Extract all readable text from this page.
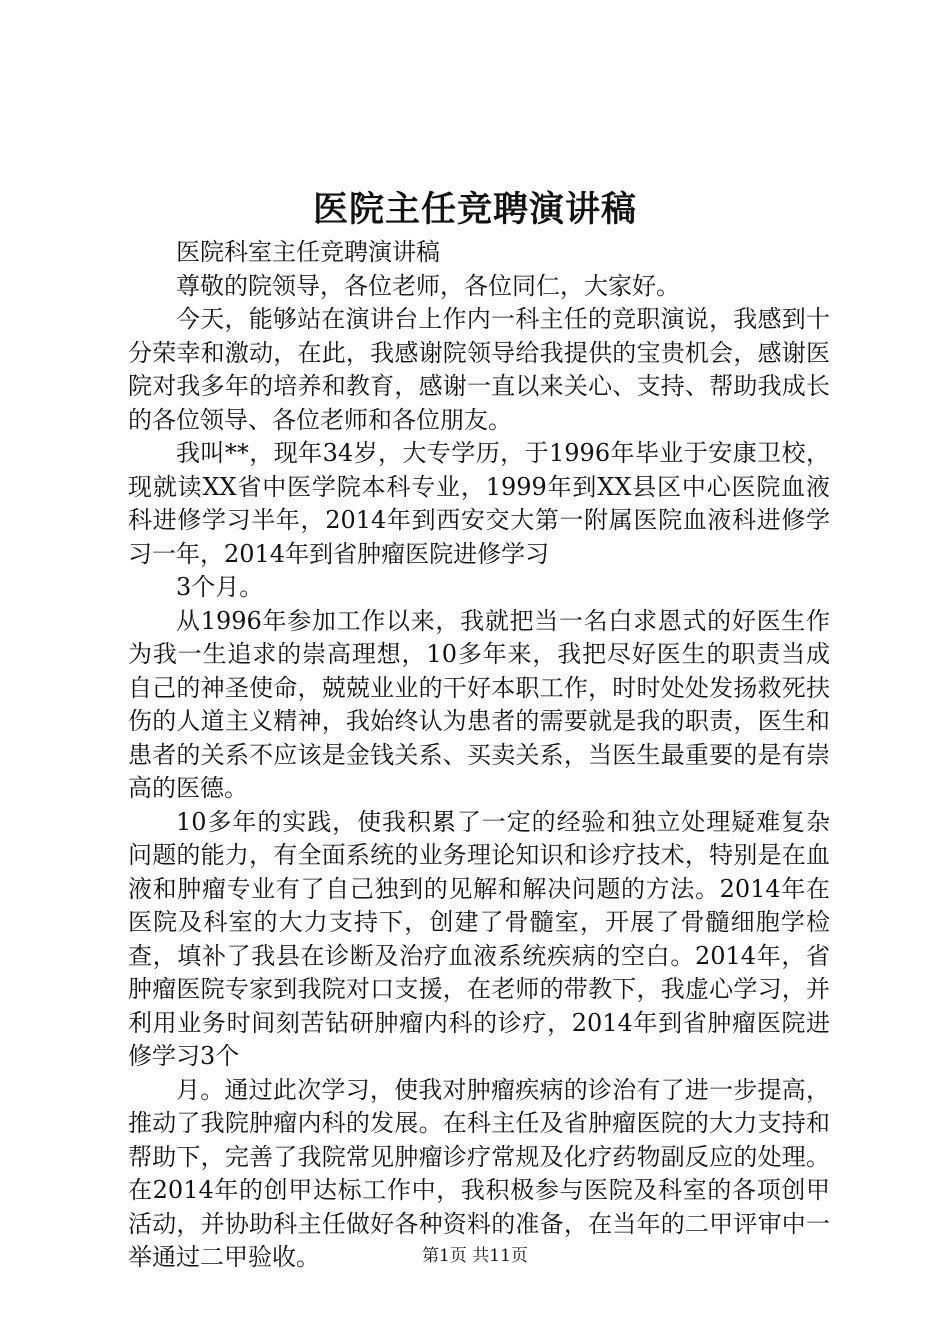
医院主任竞聘演讲稿

医院科室主任竞聘演讲稿

尊敬的院领导，各位老师，各位同仁，大家好。

今天，能够站在演讲台上作内一科主任的竞职演说，我感到十分荣幸和激动，在此，我感谢院领导给我提供的宝贵机会，感谢医院对我多年的培养和教育，感谢一直以来关心、支持、帮助我成长的各位领导、各位老师和各位朋友。

我叫**，现年34岁，大专学历，于1996年毕业于安康卫校，现就读XX省中医学院本科专业，1999年到XX县区中心医院血液科进修学习半年，2014年到西安交大第一附属医院血液科进修学习一年，2014年到省肿瘤医院进修学习

3个月。

从1996年参加工作以来，我就把当一名白求恩式的好医生作为我一生追求的崇高理想，10多年来，我把尽好医生的职责当成自己的神圣使命，兢兢业业的干好本职工作，时时处处发扬救死扶伤的人道主义精神，我始终认为患者的需要就是我的职责，医生和患者的关系不应该是金钱关系、买卖关系，当医生最重要的是有崇高的医德。

10多年的实践，使我积累了一定的经验和独立处理疑难复杂问题的能力，有全面系统的业务理论知识和诊疗技术，特别是在血液和肿瘤专业有了自己独到的见解和解决问题的方法。2014年在医院及科室的大力支持下，创建了骨髓室，开展了骨髓细胞学检查，填补了我县在诊断及治疗血液系统疾病的空白。2014年，省肿瘤医院专家到我院对口支援，在老师的带教下，我虚心学习，并利用业务时间刻苦钻研肿瘤内科的诊疗，2014年到省肿瘤医院进修学习3个

月。通过此次学习，使我对肿瘤疾病的诊治有了进一步提高，推动了我院肿瘤内科的发展。在科主任及省肿瘤医院的大力支持和帮助下，完善了我院常见肿瘤诊疗常规及化疗药物副反应的处理。在2014年的创甲达标工作中，我积极参与医院及科室的各项创甲活动，并协助科主任做好各种资料的准备，在当年的二甲评审中一举通过二甲验收。	第1页 共11页
